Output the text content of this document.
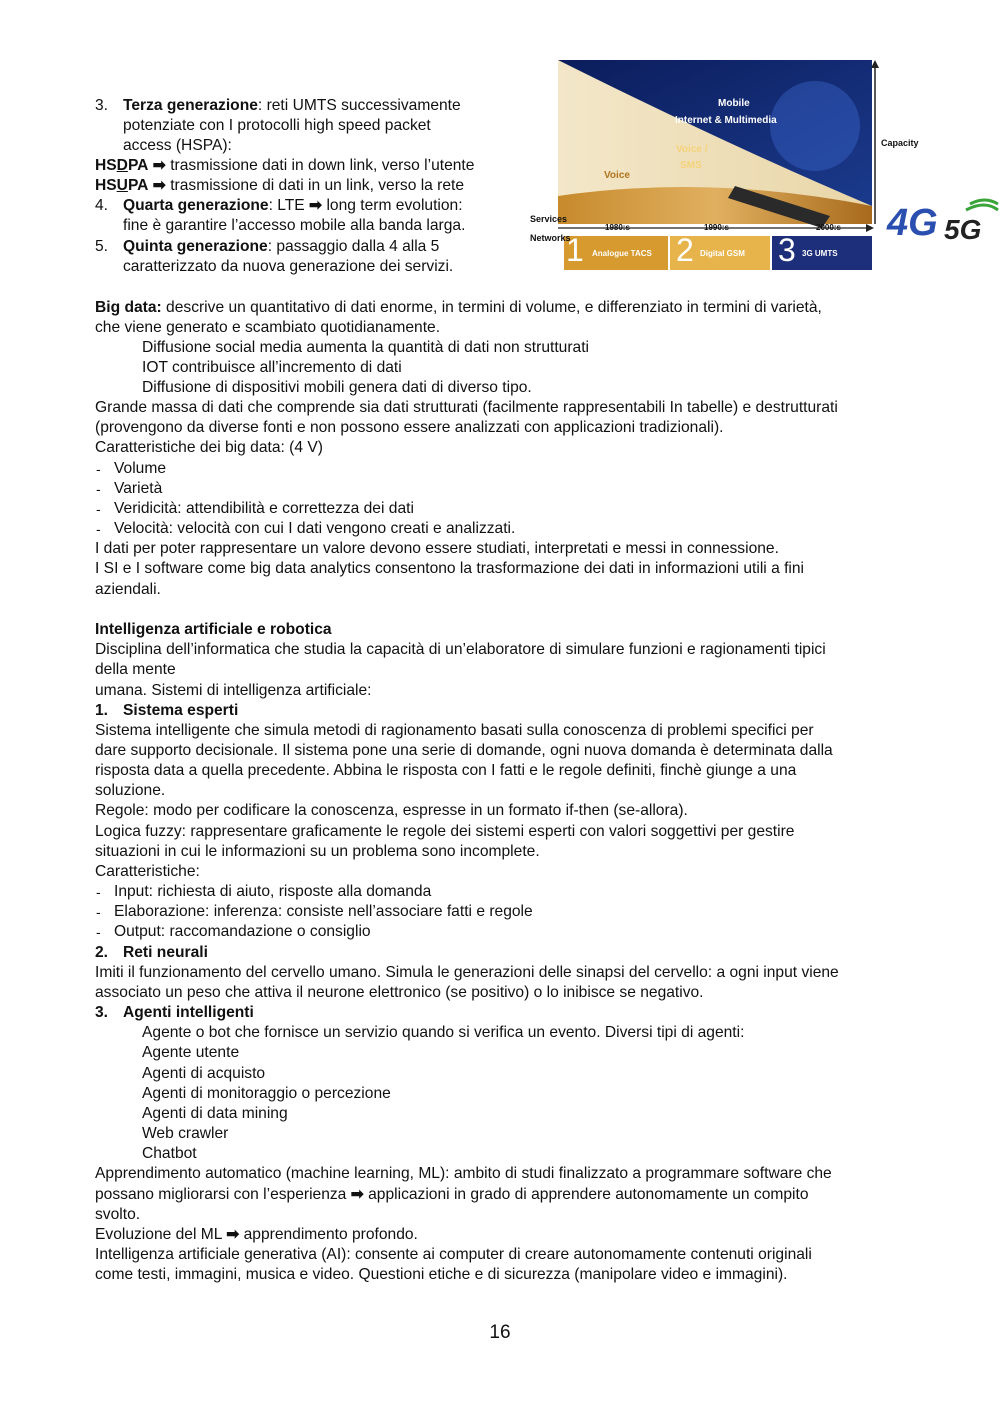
3. Terza generazione: reti UMTS successivamente
potenziate con I protocolli high speed packet
access (HSPA):
HSDPA ➡ trasmissione dati in down link, verso l’utente
HSUPA ➡ trasmissione di dati in un link, verso la rete
4. Quarta generazione: LTE ➡ long term evolution:
fine è garantire l’accesso mobile alla banda larga.
5. Quinta generazione: passaggio dalla 4 alla 5
caratterizzato da nuova generazione dei servizi.
Mobile
Internet & Multimedia
Voice /
SMS
Voice
Capacity
Services
Networks
1980:s	1990:s	2000:s
1 Analogue TACS 2 Digital GSM 3 3G UMTS
4G 5G
Big data: descrive un quantitativo di dati enorme, in termini di volume, e differenziato in termini di varietà,
che viene generato e scambiato quotidianamente.
Diffusione social media aumenta la quantità di dati non strutturati
IOT contribuisce all’incremento di dati
Diffusione di dispositivi mobili genera dati di diverso tipo.
Grande massa di dati che comprende sia dati strutturati (facilmente rappresentabili In tabelle) e destrutturati
(provengono da diverse fonti e non possono essere analizzati con applicazioni tradizionali).
Caratteristiche dei big data: (4 V)
- Volume
- Varietà
- Veridicità: attendibilità e correttezza dei dati
- Velocità: velocità con cui I dati vengono creati e analizzati.
I dati per poter rappresentare un valore devono essere studiati, interpretati e messi in connessione.
I SI e I software come big data analytics consentono la trasformazione dei dati in informazioni utili a fini
aziendali.
Intelligenza artificiale e robotica
Disciplina dell’informatica che studia la capacità di un’elaboratore di simulare funzioni e ragionamenti tipici
della mente
umana. Sistemi di intelligenza artificiale:
1. Sistema esperti
Sistema intelligente che simula metodi di ragionamento basati sulla conoscenza di problemi specifici per
dare supporto decisionale. Il sistema pone una serie di domande, ogni nuova domanda è determinata dalla
risposta data a quella precedente. Abbina le risposta con I fatti e le regole definiti, finchè giunge a una
soluzione.
Regole: modo per codificare la conoscenza, espresse in un formato if-then (se-allora).
Logica fuzzy: rappresentare graficamente le regole dei sistemi esperti con valori soggettivi per gestire
situazioni in cui le informazioni su un problema sono incomplete.
Caratteristiche:
- Input: richiesta di aiuto, risposte alla domanda
- Elaborazione: inferenza: consiste nell’associare fatti e regole
- Output: raccomandazione o consiglio
2. Reti neurali
Imiti il funzionamento del cervello umano. Simula le generazioni delle sinapsi del cervello: a ogni input viene
associato un peso che attiva il neurone elettronico (se positivo) o lo inibisce se negativo.
3. Agenti intelligenti
Agente o bot che fornisce un servizio quando si verifica un evento. Diversi tipi di agenti:
Agente utente
Agenti di acquisto
Agenti di monitoraggio o percezione
Agenti di data mining
Web crawler
Chatbot
Apprendimento automatico (machine learning, ML): ambito di studi finalizzato a programmare software che
possano migliorarsi con l’esperienza ➡ applicazioni in grado di apprendere autonomamente un compito
svolto.
Evoluzione del ML ➡ apprendimento profondo.
Intelligenza artificiale generativa (AI): consente ai computer di creare autonomamente contenuti originali
come testi, immagini, musica e video. Questioni etiche e di sicurezza (manipolare video e immagini).
16
